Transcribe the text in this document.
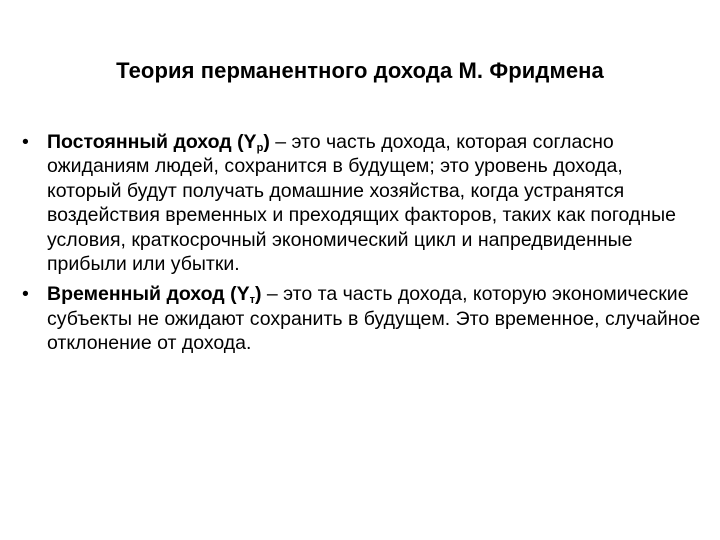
Теория перманентного дохода М. Фридмена
• Постоянный доход $(Y_p)$ – это часть дохода, которая согласно ожиданиям людей, сохранится в будущем; это уровень дохода, который будут получать домашние хозяйства, когда устранятся воздействия временных и преходящих факторов, таких как погодные условия, краткосрочный экономический цикл и напредвиденные прибыли или убытки.
• Временный доход $(Y_т)$ – это та часть дохода, которую экономические субъекты не ожидают сохранить в будущем. Это временное, случайное отклонение от дохода.
